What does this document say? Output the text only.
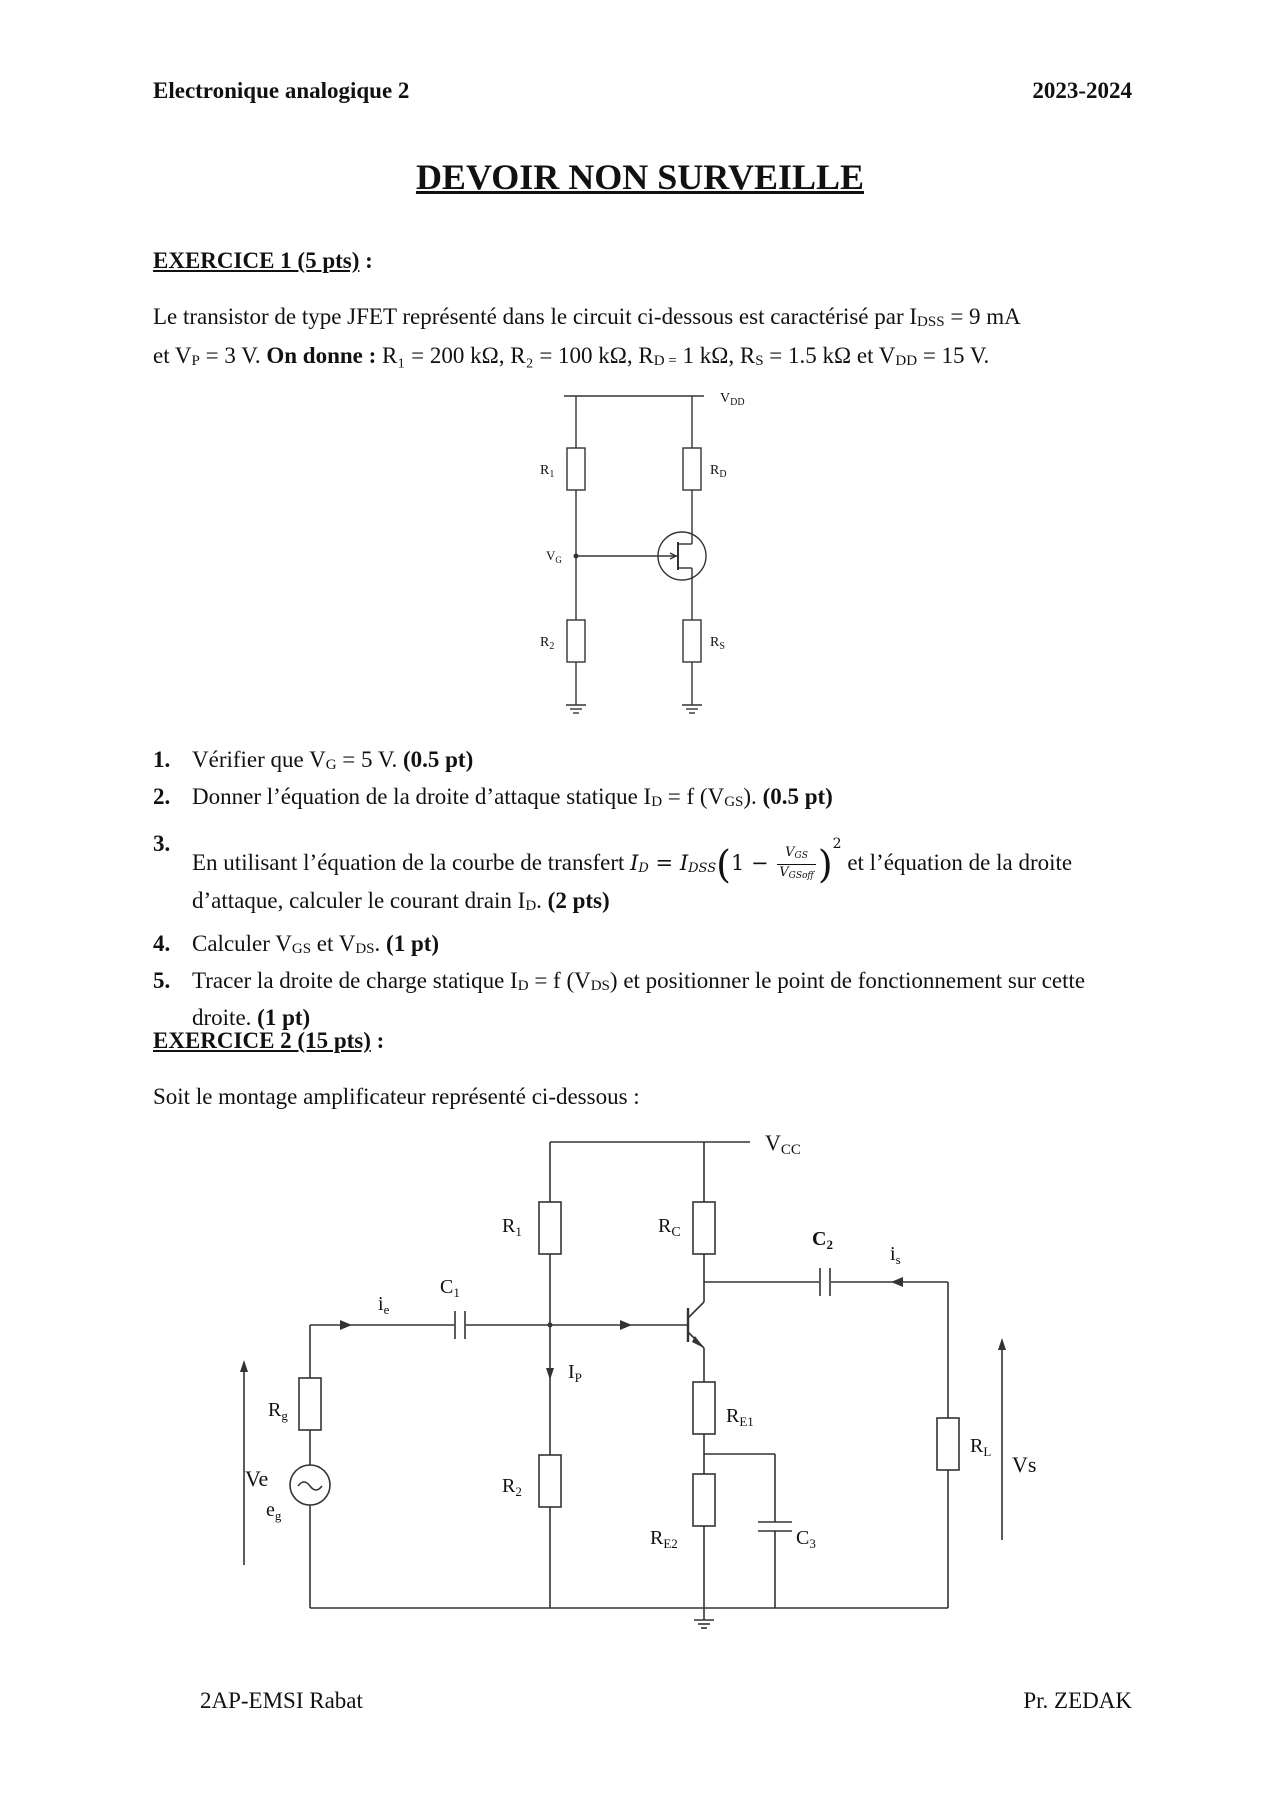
Electronique analogique 2	2023-2024
DEVOIR NON SURVEILLE
EXERCICE 1 (5 pts) :
Le transistor de type JFET représenté dans le circuit ci-dessous est caractérisé par $I_{DSS} = 9$ mA
et $V_P = 3$ V. On donne : R₁ = 200 kΩ, R₂ = 100 kΩ, $R_{D =}$ 1 kΩ, $R_S = 1.5$ kΩ et $V_{DD} = 15$ V.
$V_{DD}$
$R_1$	$R_D$
$V_G$
$R_2$	$R_S$
1. Vérifier que $V_G = 5$ V. (0.5 pt)
2. Donner l’équation de la droite d’attaque statique $I_D = f$ $(V_{GS})$. (0.5 pt)
3.
En utilisant l’équation de la courbe de transfert $I_D = I_{DSS}(1 - \frac{V_{GS}}{V_{GSoff}} )^2$ et l’équation de la droite d’attaque, calculer le courant drain $I_D$. (2 pts)
4. Calculer $V_{GS}$ et $V_{DS}$. (1 pt)
5. Tracer la droite de charge statique $I_D = f$ $(V_{DS})$ et positionner le point de fonctionnement sur cette droite. (1 pt)
EXERCICE 2 (15 pts) :
Soit le montage amplificateur représenté ci-dessous :
VCC
$R_1$	$R_C$	$C_2$	$i_s$
$C_1$
$i_e$
$I_P$
$R_g$	$R_{E1}$
$R_L$
Vs
Ve
$e_g$
$R_2$
$R_{E2}$	$C_3$
2AP-EMSI Rabat	Pr. ZEDAK
